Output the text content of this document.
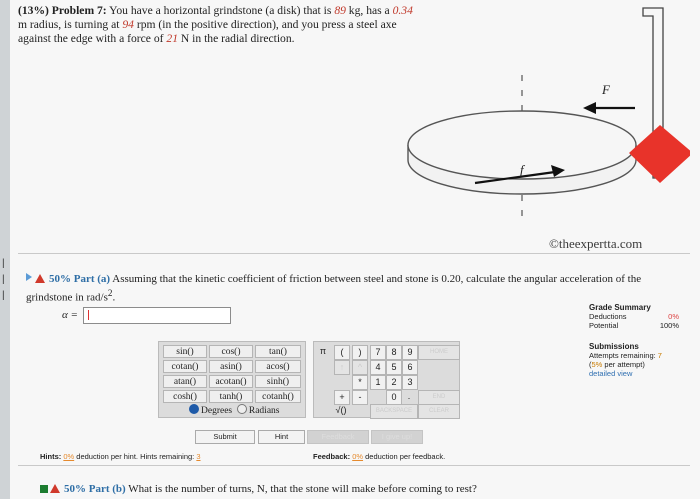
|
|
|
(13%) Problem 7: You have a horizontal grindstone (a disk) that is 89 kg, has a 0.34
m radius, is turning at 94 rpm (in the positive direction), and you press a steel axe
against the edge with a force of 21 N in the radial direction.
f
F
©theexpertta.com
50% Part (a) Assuming that the kinetic coefficient of friction between steel and stone is 0.20, calculate the angular acceleration of the
grindstone in rad/$s^2$.
α =
Grade Summary
Deductions	0%
Potential	100%
Submissions
Attempts remaining: 7
(5% per attempt)
detailed view
sin()	cos()	tan()
cotan()	asin()	acos()
atan()	acotan()	sinh()
cosh()	tanh()	cotanh()
Degrees Radians
π	(	)
↑	^
*
+	-
√()
7	8	9
4	5	6
1	2	3
0	.
HOME
END
BACKSPACE	CLEAR
Submit	Hint	Feedback	I give up!
Hints: 0% deduction per hint. Hints remaining: 3	Feedback: 0% deduction per feedback.
50% Part (b) What is the number of turns, N, that the stone will make before coming to rest?
